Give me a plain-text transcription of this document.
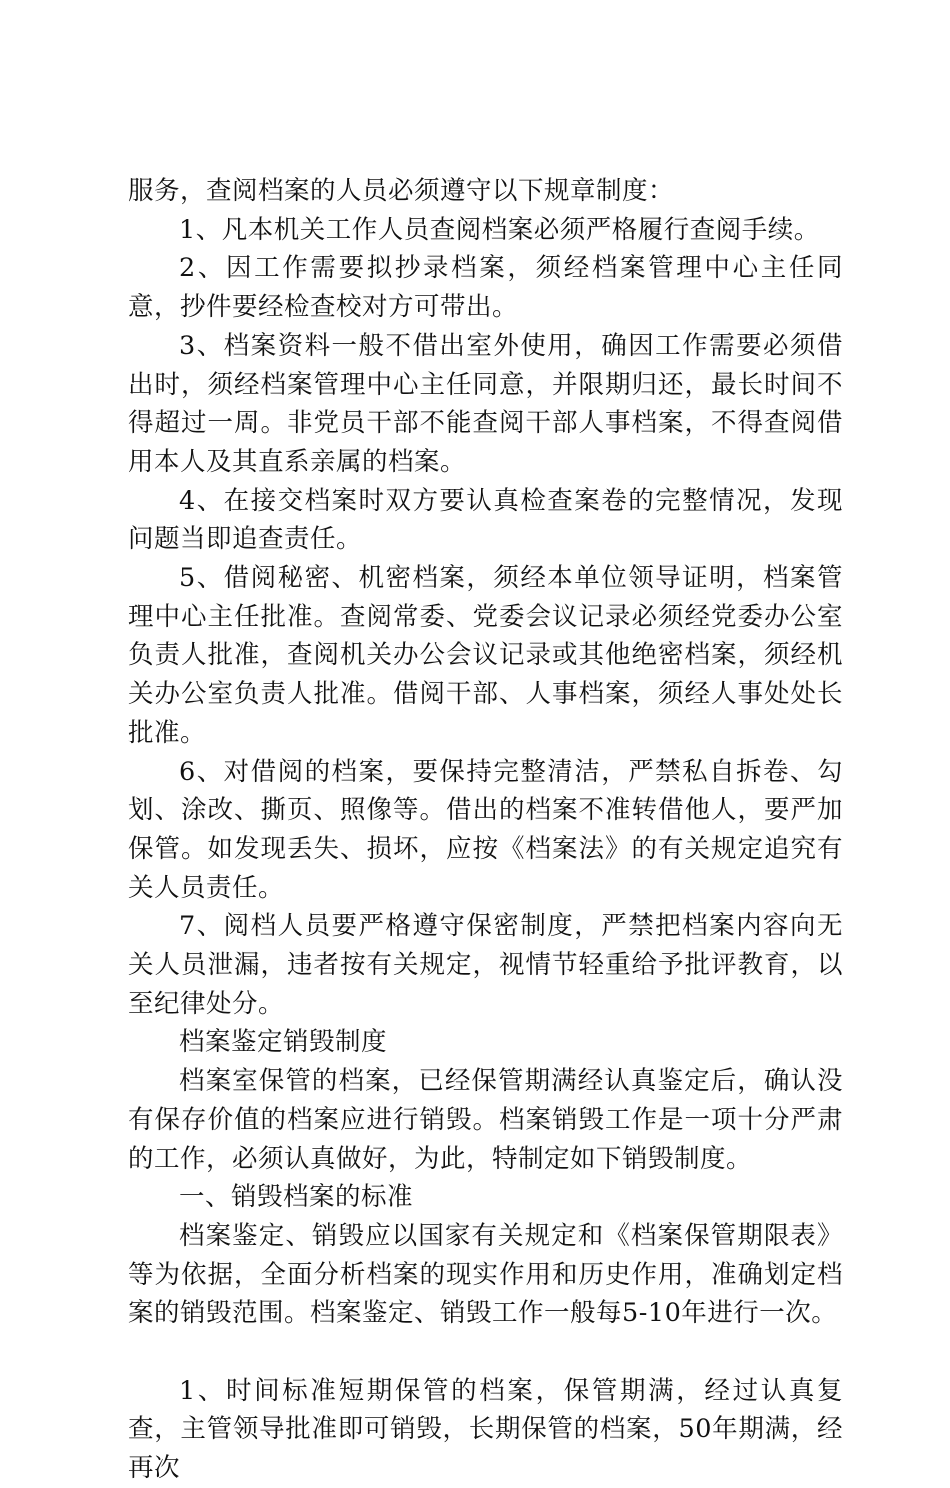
服务，查阅档案的人员必须遵守以下规章制度：

1、凡本机关工作人员查阅档案必须严格履行查阅手续。

2、因工作需要拟抄录档案，须经档案管理中心主任同意，抄件要经检查校对方可带出。

3、档案资料一般不借出室外使用，确因工作需要必须借出时，须经档案管理中心主任同意，并限期归还，最长时间不得超过一周。非党员干部不能查阅干部人事档案，不得查阅借用本人及其直系亲属的档案。

4、在接交档案时双方要认真检查案卷的完整情况，发现问题当即追查责任。

5、借阅秘密、机密档案，须经本单位领导证明，档案管理中心主任批准。查阅常委、党委会议记录必须经党委办公室负责人批准，查阅机关办公会议记录或其他绝密档案，须经机关办公室负责人批准。借阅干部、人事档案，须经人事处处长批准。

6、对借阅的档案，要保持完整清洁，严禁私自拆卷、勾划、涂改、撕页、照像等。借出的档案不准转借他人，要严加保管。如发现丢失、损坏，应按《档案法》的有关规定追究有关人员责任。

7、阅档人员要严格遵守保密制度，严禁把档案内容向无关人员泄漏，违者按有关规定，视情节轻重给予批评教育，以至纪律处分。

档案鉴定销毁制度

档案室保管的档案，已经保管期满经认真鉴定后，确认没有保存价值的档案应进行销毁。档案销毁工作是一项十分严肃的工作，必须认真做好，为此，特制定如下销毁制度。

一、销毁档案的标准

档案鉴定、销毁应以国家有关规定和《档案保管期限表》等为依据，全面分析档案的现实作用和历史作用，准确划定档案的销毁范围。档案鉴定、销毁工作一般每5-10年进行一次。

1、时间标准短期保管的档案，保管期满，经过认真复查，主管领导批准即可销毁，长期保管的档案，50年期满，经再次
